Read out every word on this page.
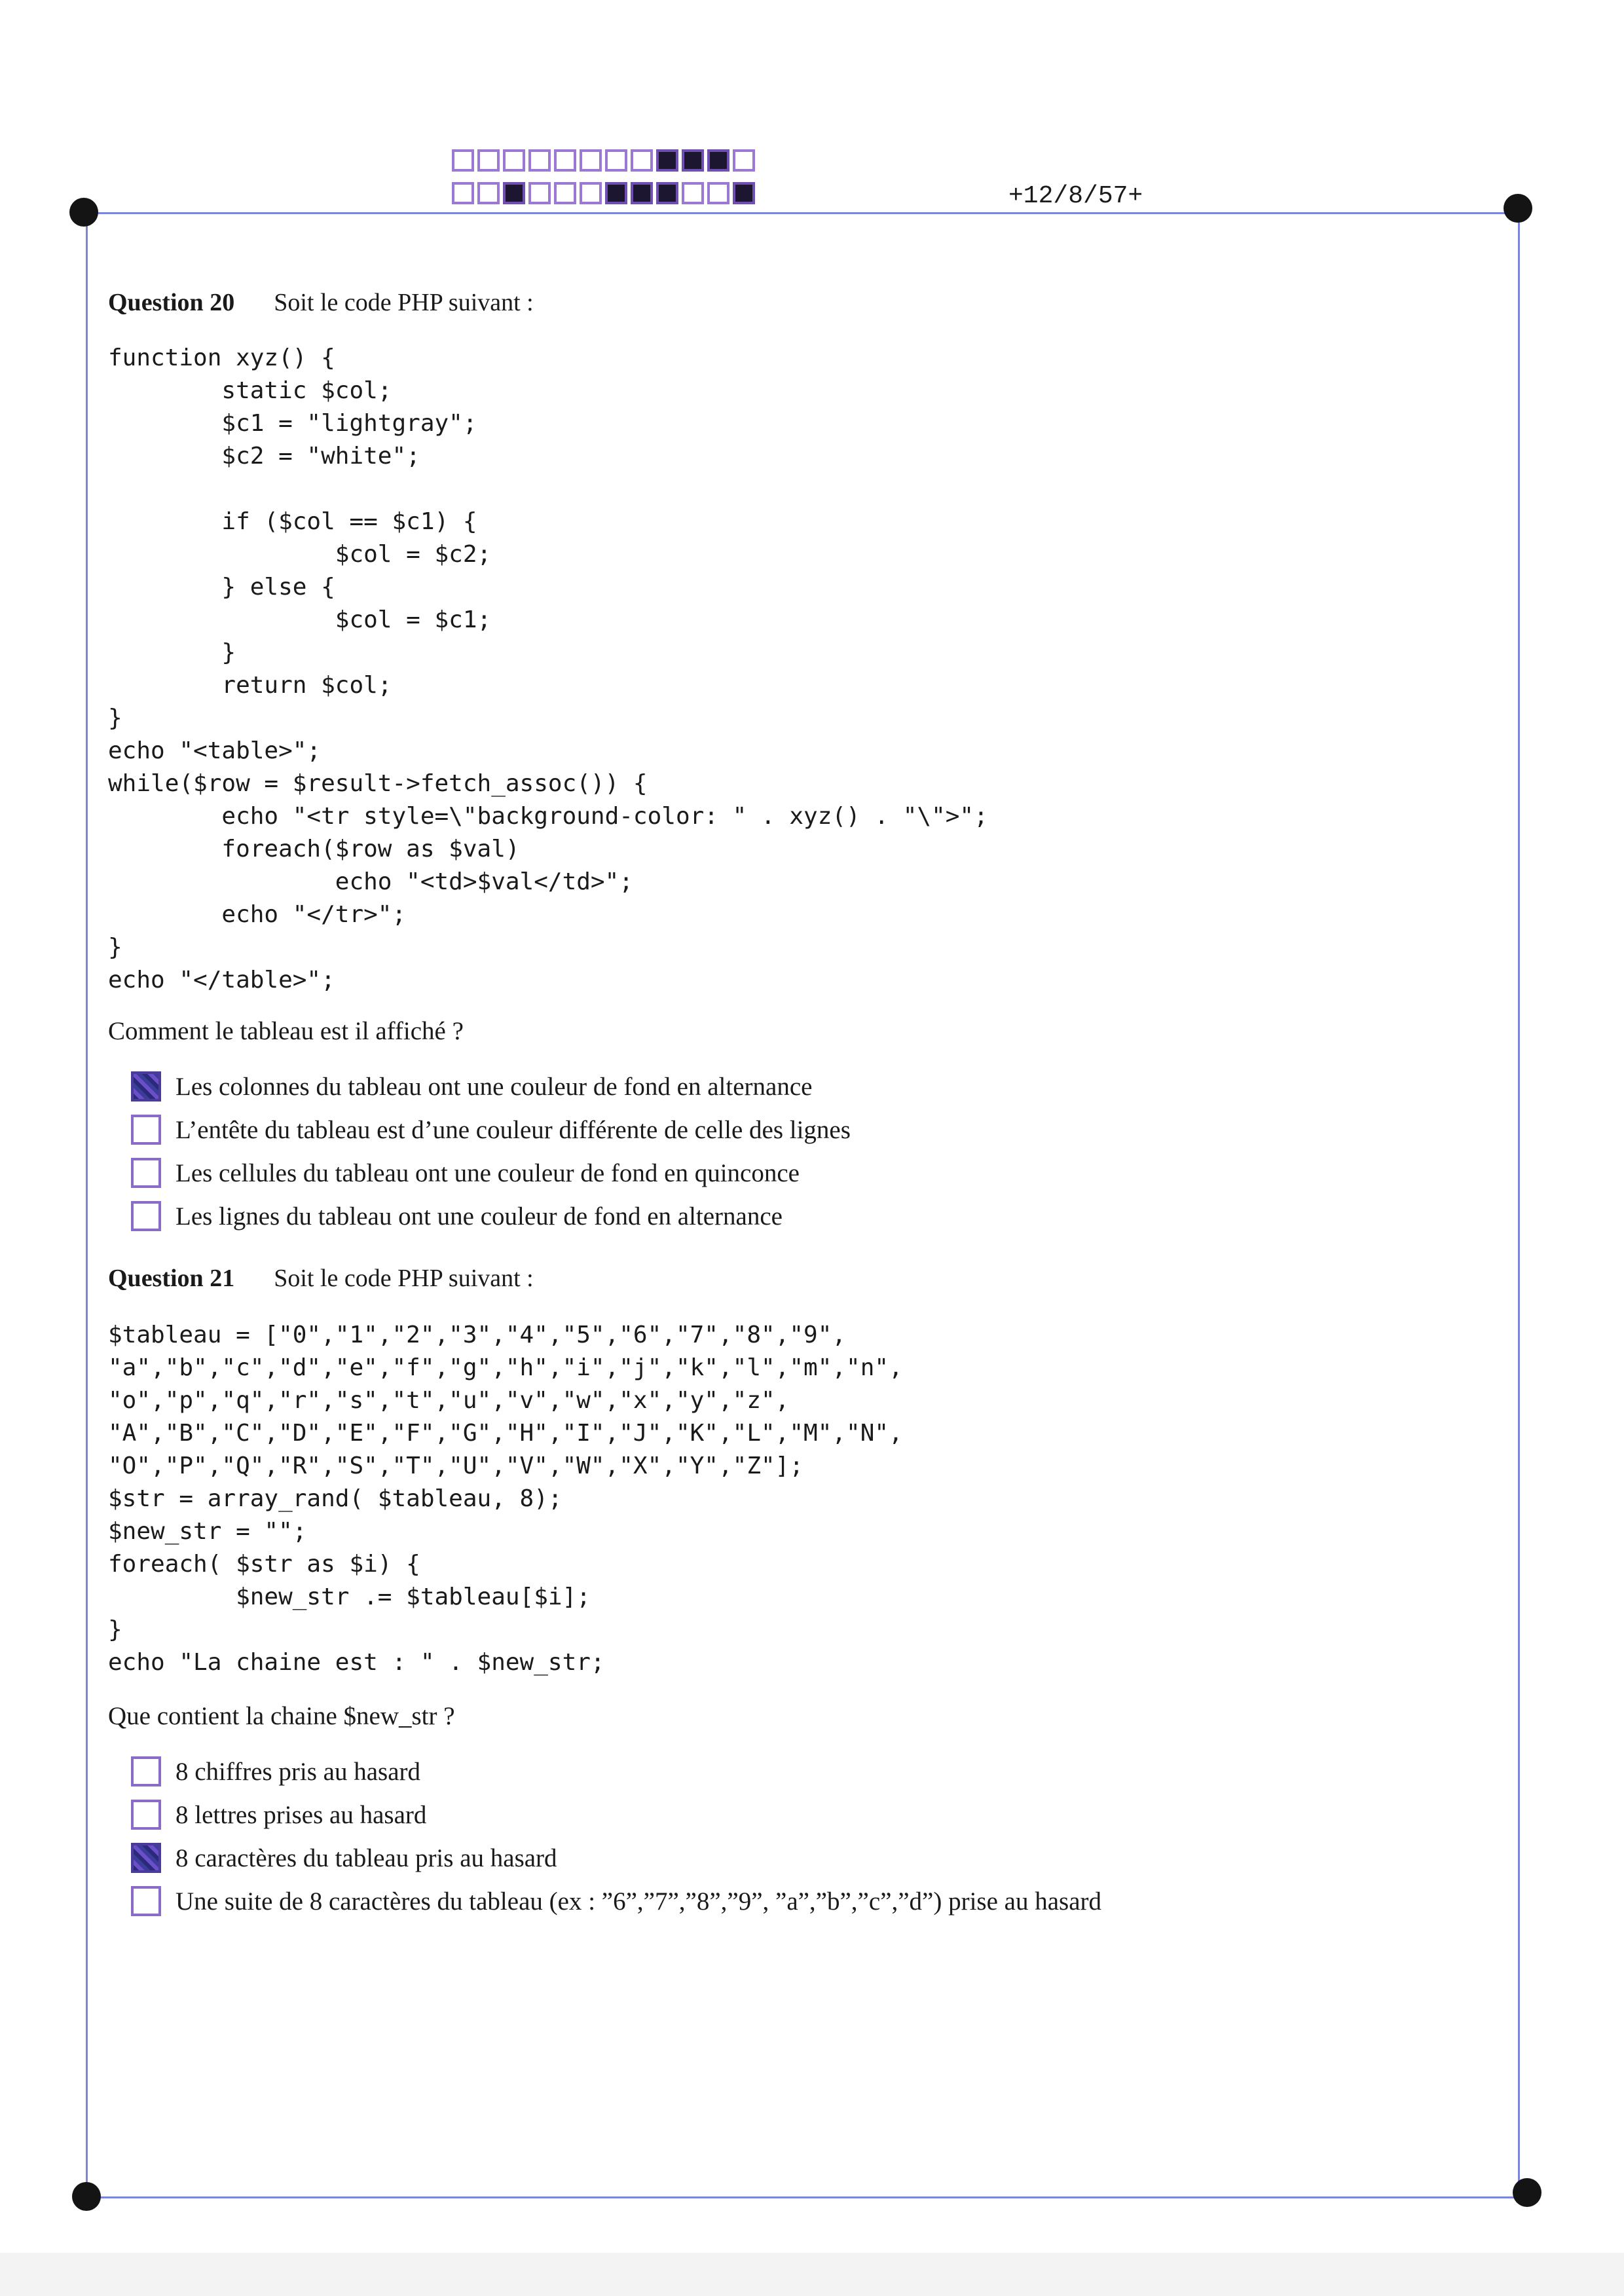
+12/8/57+
Question 20 Soit le code PHP suivant :
function xyz() {
static $col;
$c1 = "lightgray";
$c2 = "white";

if ($col == $c1) {
$col = $c2;
} else {
$col = $c1;
}
return $col;
}
echo "<table>";
while($row = $result->fetch_assoc()) {
echo "<tr style=\"background-color: " . xyz() . "\">";
foreach($row as $val)
echo "<td>$val</td>";
echo "</tr>";
}
echo "</table>";
Comment le tableau est il affiché ?
Les colonnes du tableau ont une couleur de fond en alternance
L’entête du tableau est d’une couleur différente de celle des lignes
Les cellules du tableau ont une couleur de fond en quinconce
Les lignes du tableau ont une couleur de fond en alternance
Question 21 Soit le code PHP suivant :
$tableau = ["0","1","2","3","4","5","6","7","8","9",
"a","b","c","d","e","f","g","h","i","j","k","l","m","n",
"o","p","q","r","s","t","u","v","w","x","y","z",
"A","B","C","D","E","F","G","H","I","J","K","L","M","N",
"O","P","Q","R","S","T","U","V","W","X","Y","Z"];
$str = array_rand( $tableau, 8);
$new_str = "";
foreach( $str as $i) {
$new_str .= $tableau[$i];
}
echo "La chaine est : " . $new_str;
Que contient la chaine $new_str ?
8 chiffres pris au hasard
8 lettres prises au hasard
8 caractères du tableau pris au hasard
Une suite de 8 caractères du tableau (ex : ”6”,”7”,”8”,”9”, ”a”,”b”,”c”,”d”) prise au hasard
